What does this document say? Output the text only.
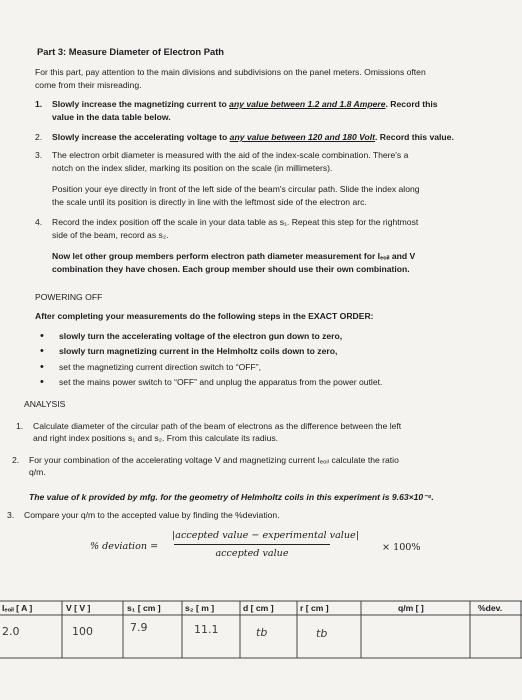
Part 3: Measure Diameter of Electron Path
For this part, pay attention to the main divisions and subdivisions on the panel meters. Omissions often
come from their misreading.
1.	Slowly increase the magnetizing current to any value between 1.2 and 1.8 Ampere. Record this
value in the data table below.
2.	Slowly increase the accelerating voltage to any value between 120 and 180 Volt. Record this value.
3.	The electron orbit diameter is measured with the aid of the index-scale combination. There's a
notch on the index slider, marking its position on the scale (in millimeters).
Position your eye directly in front of the left side of the beam's circular path. Slide the index along
the scale until its position is directly in line with the leftmost side of the electron arc.
4.	Record the index position off the scale in your data table as s₁. Repeat this step for the rightmost
side of the beam, record as s₂.
Now let other group members perform electron path diameter measurement for Iₑₒᵢₗ and V
combination they have chosen. Each group member should use their own combination.
POWERING OFF
After completing your measurements do the following steps in the EXACT ORDER:
• slowly turn the accelerating voltage of the electron gun down to zero,
• slowly turn magnetizing current in the Helmholtz coils down to zero,
• set the magnetizing current direction switch to “OFF”,
• set the mains power switch to “OFF” and unplug the apparatus from the power outlet.
ANALYSIS
1.	Calculate diameter of the circular path of the beam of electrons as the difference between the left
and right index positions s₁ and s₂. From this calculate its radius.
2.	For your combination of the accelerating voltage V and magnetizing current Iₑₒᵢₗ calculate the ratio
q/m.
The value of k provided by mfg. for the geometry of Helmholtz coils in this experiment is 9.63×10⁻⁴.
3.	Compare your q/m to the accepted value by finding the %deviation.
% deviation =
|accepted value − experimental value|
accepted value
× 100%
Iₑₒᵢₗ [ A ]	V [ V ]	s₁ [ cm ]	s₂ [ m ]	d [ cm ]	r [ cm ]	q/m [ ]	%dev.
2.0	100	7.9	11.1	tb	tb
